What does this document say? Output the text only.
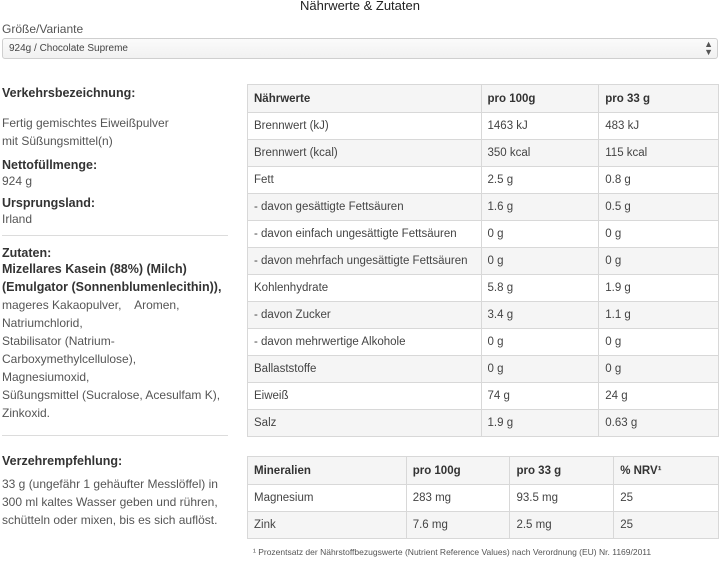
Nährwerte & Zutaten
Größe/Variante
924g / Chocolate Supreme	▲
▼
Verkehrsbezeichnung:
Fertig gemischtes Eiweißpulver
mit Süßungsmittel(n)
Nettofüllmenge:
924 g
Ursprungsland:
Irland
Zutaten:
Mizellares Kasein (88%) (Milch)
(Emulgator (Sonnenblumenlecithin)),
mageres Kakaopulver,    Aromen,
Natriumchlorid,
Stabilisator (Natrium-
Carboxymethylcellulose),
Magnesiumoxid,
Süßungsmittel (Sucralose, Acesulfam K),
Zinkoxid.
Verzehrempfehlung:
33 g (ungefähr 1 gehäufter Messlöffel) in
300 ml kaltes Wasser geben und rühren,
schütteln oder mixen, bis es sich auflöst.
Nährwerte	pro 100g	pro 33 g
Brennwert (kJ)	1463 kJ	483 kJ
Brennwert (kcal)	350 kcal	115 kcal
Fett	2.5 g	0.8 g
- davon gesättigte Fettsäuren	1.6 g	0.5 g
- davon einfach ungesättigte Fettsäuren	0 g	0 g
- davon mehrfach ungesättigte Fettsäuren	0 g	0 g
Kohlenhydrate	5.8 g	1.9 g
- davon Zucker	3.4 g	1.1 g
- davon mehrwertige Alkohole	0 g	0 g
Ballaststoffe	0 g	0 g
Eiweiß	74 g	24 g
Salz	1.9 g	0.63 g
Mineralien	pro 100g	pro 33 g	% NRV¹
Magnesium	283 mg	93.5 mg	25
Zink	7.6 mg	2.5 mg	25
¹ Prozentsatz der Nährstoffbezugswerte (Nutrient Reference Values) nach Verordnung (EU) Nr. 1169/2011
